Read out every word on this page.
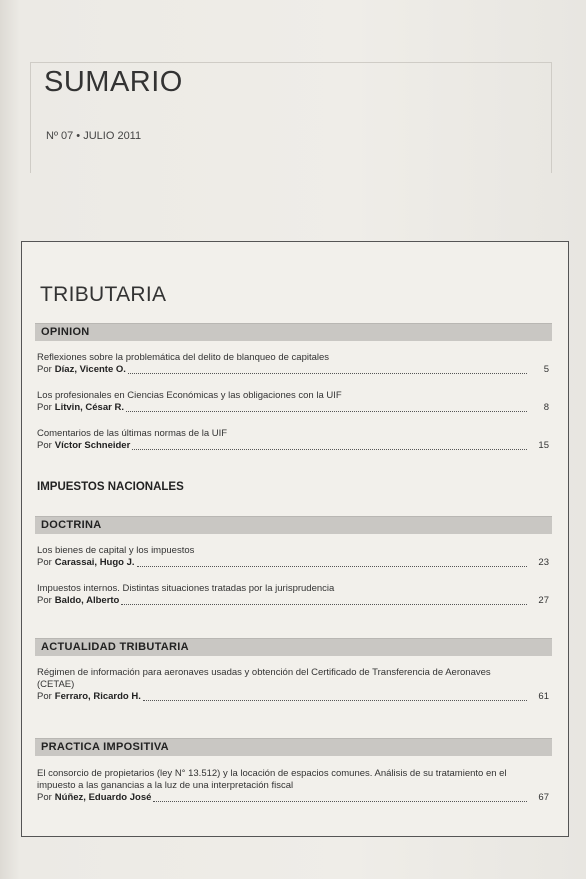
SUMARIO
Nº 07 • JULIO 2011
TRIBUTARIA
OPINION
Reflexiones sobre la problemática del delito de blanqueo de capitales
Por Díaz, Vicente O.	5
Los profesionales en Ciencias Económicas y las obligaciones con la UIF
Por Litvin, César R.	8
Comentarios de las últimas normas de la UIF
Por Víctor Schneider	15
IMPUESTOS NACIONALES
DOCTRINA
Los bienes de capital y los impuestos
Por Carassai, Hugo J.	23
Impuestos internos. Distintas situaciones tratadas por la jurisprudencia
Por Baldo, Alberto	27
ACTUALIDAD TRIBUTARIA
Régimen de información para aeronaves usadas y obtención del Certificado de Transferencia de Aeronaves (CETAE)
Por Ferraro, Ricardo H.	61
PRACTICA IMPOSITIVA
El consorcio de propietarios (ley N° 13.512) y la locación de espacios comunes. Análisis de su tratamiento en el impuesto a las ganancias a la luz de una interpretación fiscal
Por Núñez, Eduardo José	67
